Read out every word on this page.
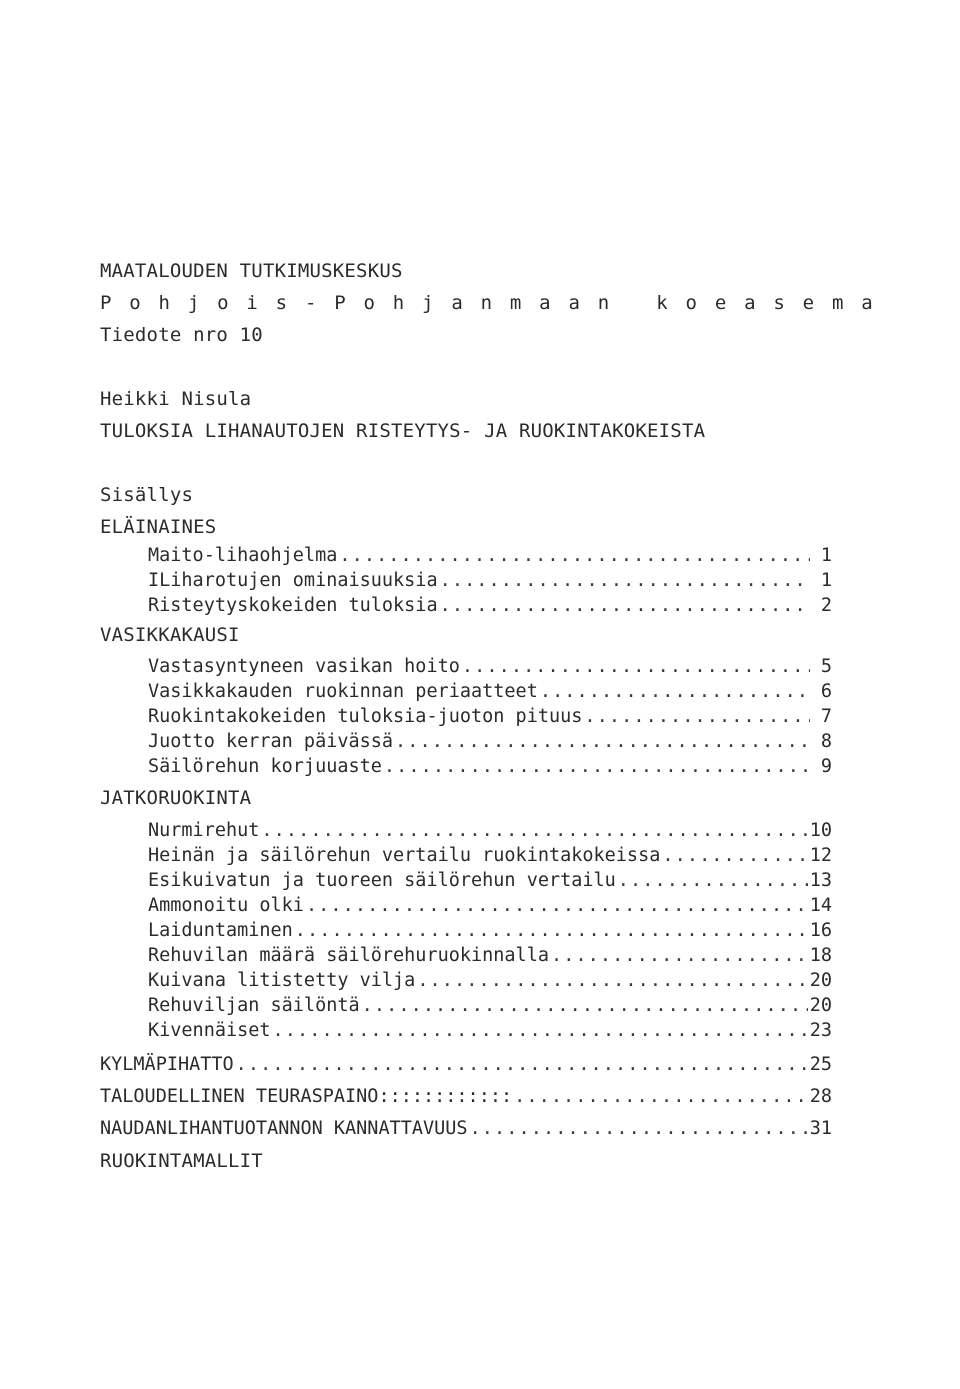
MAATALOUDEN TUTKIMUSKESKUS
P o h j o i s - P o h j a n m a a n   k o e a s e m a
Tiedote nro 10
Heikki Nisula
TULOKSIA LIHANAUTOJEN RISTEYTYS- JA RUOKINTAKOKEISTA
Sisällys
ELÄINAINES
Maito-lihaohjelma .....	1
ILiharotujen ominaisuuksia .....	1
Risteytyskokeiden tuloksia .....	2
VASIKKAKAUSI
Vastasyntyneen vasikan hoito .....	5
Vasikkakauden ruokinnan periaatteet .....	6
Ruokintakokeiden tuloksia-juoton pituus .....	7
Juotto kerran päivässä .....	8
Säilörehun korjuuaste .....	9
JATKORUOKINTA
Nurmirehut .....	10
Heinän ja säilörehun vertailu ruokintakokeissa .....	12
Esikuivatun ja tuoreen säilörehun vertailu .....	13
Ammonoitu olki .....	14
Laiduntaminen .....	16
Rehuvilan määrä säilörehuruokinnalla .....	18
Kuivana litistetty vilja .....	20
Rehuviljan säilöntä .....	20
Kivennäiset .....	23
KYLMÄPIHATTO .....	25
TALOUDELLINEN TEURASPAINO:::::::::::: .....	28
NAUDANLIHANTUOTANNON KANNATTAVUUS .....	31
RUOKINTAMALLIT
